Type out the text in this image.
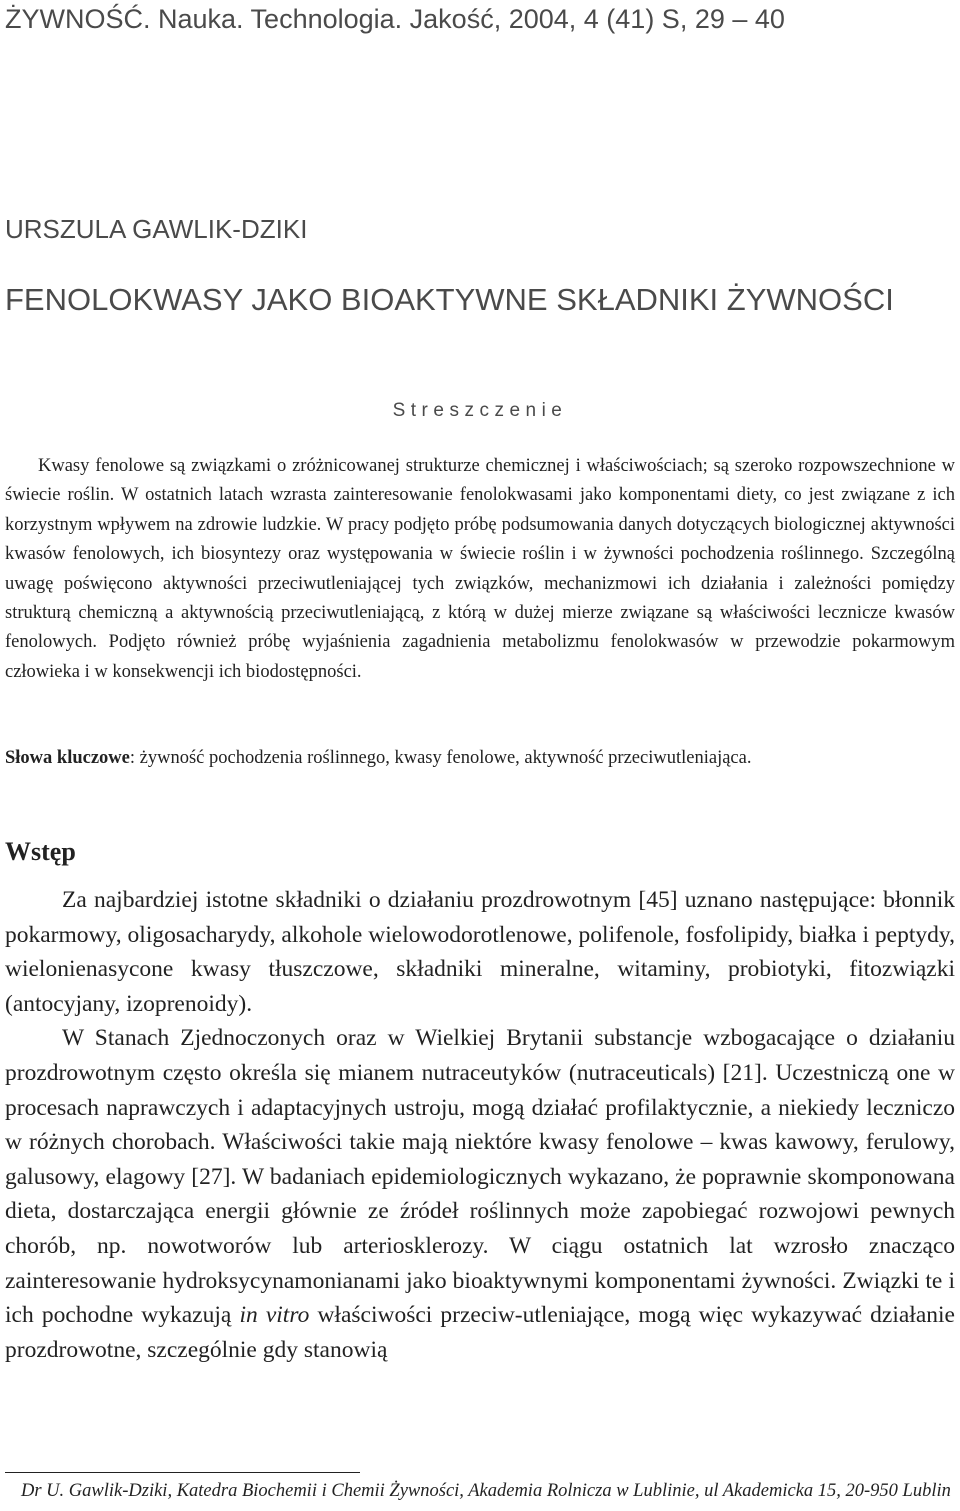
ŻYWNOŚĆ. Nauka. Technologia. Jakość, 2004, 4 (41) S, 29 – 40
URSZULA GAWLIK-DZIKI
FENOLOKWASY JAKO BIOAKTYWNE SKŁADNIKI ŻYWNOŚCI
Streszczenie

Kwasy fenolowe są związkami o zróżnicowanej strukturze chemicznej i właściwościach; są szeroko rozpowszechnione w świecie roślin. W ostatnich latach wzrasta zainteresowanie fenolokwasami jako komponentami diety, co jest związane z ich korzystnym wpływem na zdrowie ludzkie. W pracy podjęto próbę podsumowania danych dotyczących biologicznej aktywności kwasów fenolowych, ich biosyntezy oraz występowania w świecie roślin i w żywności pochodzenia roślinnego. Szczególną uwagę poświęcono aktywności przeciwutleniającej tych związków, mechanizmowi ich działania i zależności pomiędzy strukturą chemiczną a aktywnością przeciwutleniającą, z którą w dużej mierze związane są właściwości lecznicze kwasów fenolowych. Podjęto również próbę wyjaśnienia zagadnienia metabolizmu fenolokwasów w przewodzie pokarmowym człowieka i w konsekwencji ich biodostępności.

Słowa kluczowe: żywność pochodzenia roślinnego, kwasy fenolowe, aktywność przeciwutleniająca.

Wstęp

Za najbardziej istotne składniki o działaniu prozdrowotnym [45] uznano następujące: błonnik pokarmowy, oligosacharydy, alkohole wielowodorotlenowe, polifenole, fosfolipidy, białka i peptydy, wielonienasycone kwasy tłuszczowe, składniki mineralne, witaminy, probiotyki, fitozwiązki (antocyjany, izoprenoidy).

W Stanach Zjednoczonych oraz w Wielkiej Brytanii substancje wzbogacające o działaniu prozdrowotnym często określa się mianem nutraceutyków (nutraceuticals) [21]. Uczestniczą one w procesach naprawczych i adaptacyjnych ustroju, mogą działać profilaktycznie, a niekiedy leczniczo w różnych chorobach. Właściwości takie mają niektóre kwasy fenolowe – kwas kawowy, ferulowy, galusowy, elagowy [27]. W badaniach epidemiologicznych wykazano, że poprawnie skomponowana dieta, dostarczająca energii głównie ze źródeł roślinnych może zapobiegać rozwojowi pewnych chorób, np. nowotworów lub arteriosklerozy. W ciągu ostatnich lat wzrosło znacząco zainteresowanie hydroksycynamonianami jako bioaktywnymi komponentami żywności. Związki te i ich pochodne wykazują in vitro właściwości przeciw-utleniające, mogą więc wykazywać działanie prozdrowotne, szczególnie gdy stanowią

Dr U. Gawlik-Dziki, Katedra Biochemii i Chemii Żywności, Akademia Rolnicza w Lublinie, ul Akademicka 15, 20-950 Lublin
